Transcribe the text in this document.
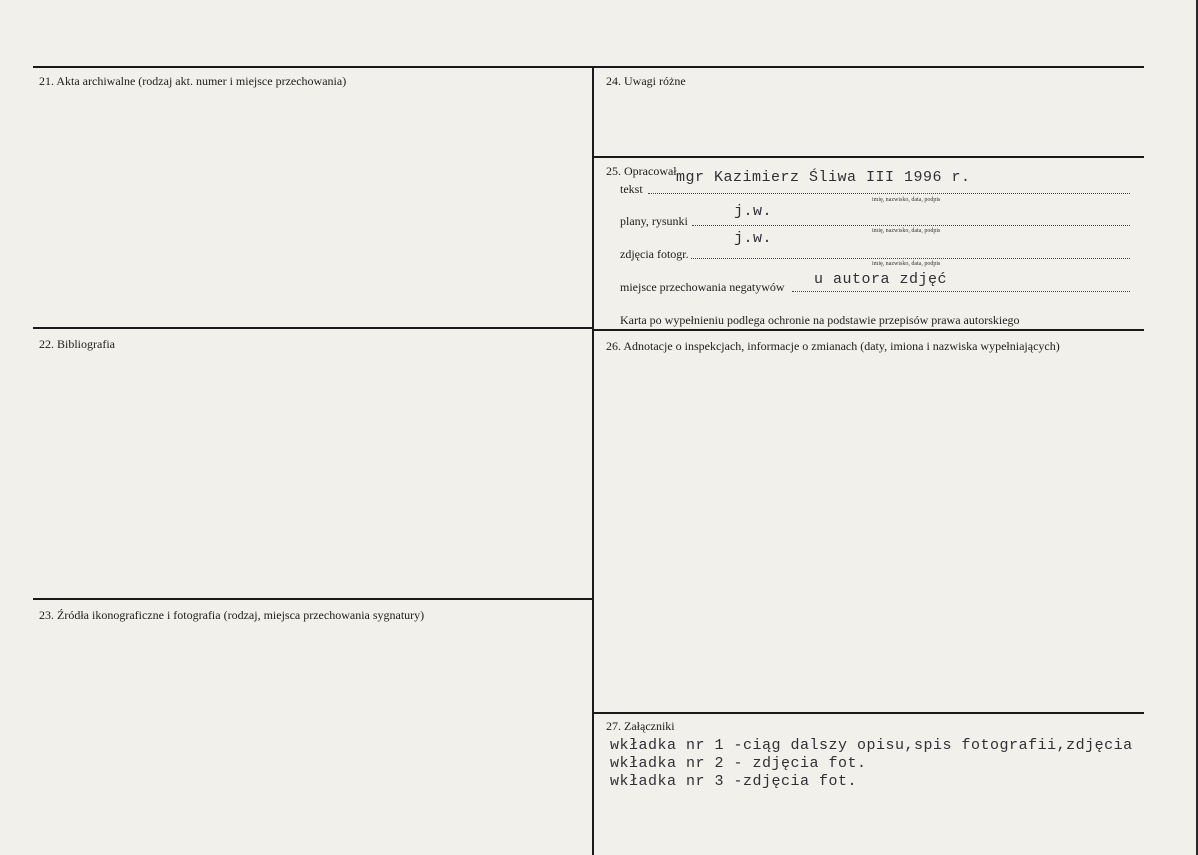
21. Akta archiwalne (rodzaj akt. numer i miejsce przechowania)
22. Bibliografia
23. Źródła ikonograficzne i fotografia (rodzaj, miejsca przechowania sygnatury)
24. Uwagi różne
25. Opracował mgr Kazimierz Śliwa III 1996 r.
tekst
imię, nazwisko, data, podpis
j.w.
plany, rysunki
imię, nazwisko, data, podpis
j.w.
zdjęcia fotogr.
imię, nazwisko, data, podpis
u autora zdjęć
miejsce przechowania negatywów
Karta po wypełnieniu podlega ochronie na podstawie przepisów prawa autorskiego
26. Adnotacje o inspekcjach, informacje o zmianach (daty, imiona i nazwiska wypełniających)
27. Załączniki
wkładka nr 1 -ciąg dalszy opisu,spis fotografii,zdjęcia
wkładka nr 2 - zdjęcia fot.
wkładka nr 3 -zdjęcia fot.
